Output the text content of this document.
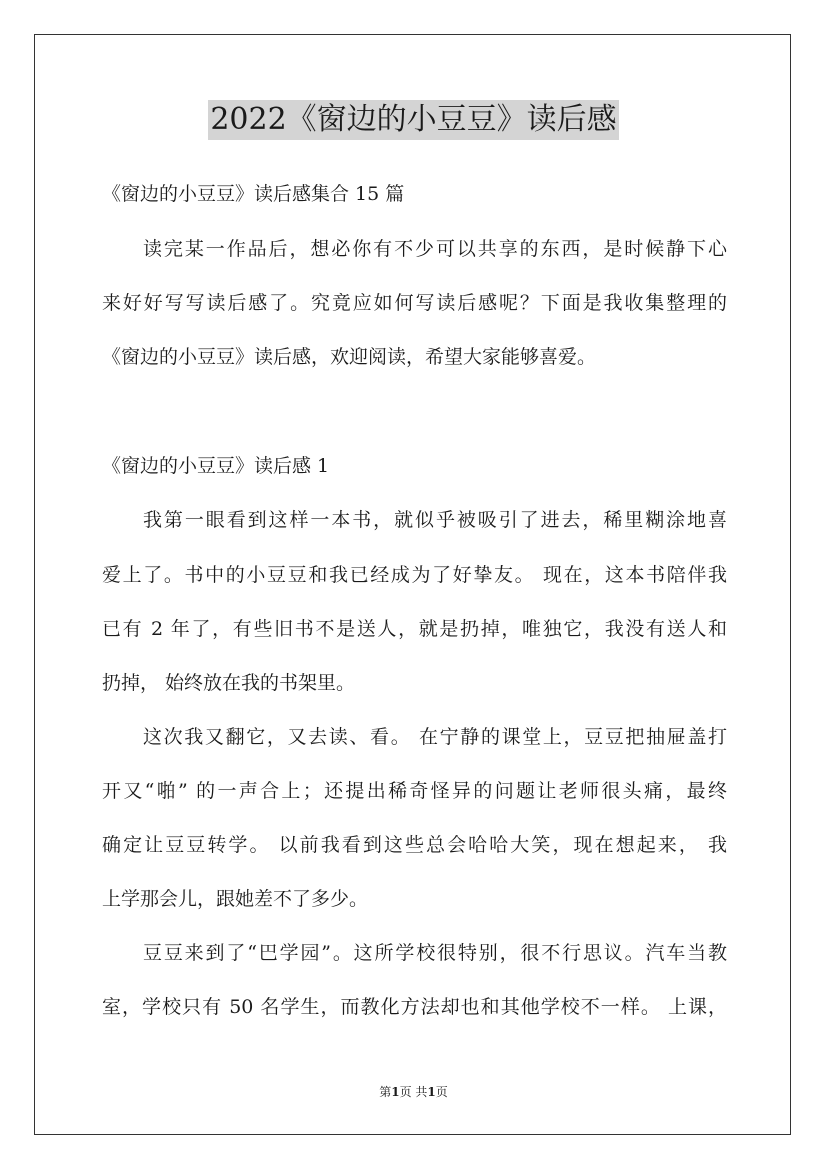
2022《窗边的小豆豆》读后感
《窗边的小豆豆》读后感集合 15 篇
读完某一作品后，想必你有不少可以共享的东西，是时候静下心
来好好写写读后感了。究竟应如何写读后感呢？下面是我收集整理的
《窗边的小豆豆》读后感，欢迎阅读，希望大家能够喜爱。
《窗边的小豆豆》读后感 1
我第一眼看到这样一本书，就似乎被吸引了进去，稀里糊涂地喜
爱上了。书中的小豆豆和我已经成为了好挚友。 现在，这本书陪伴我
已有 2 年了，有些旧书不是送人，就是扔掉，唯独它，我没有送人和
扔掉， 始终放在我的书架里。
这次我又翻它，又去读、看。 在宁静的课堂上，豆豆把抽屉盖打
开又“啪” 的一声合上；还提出稀奇怪异的问题让老师很头痛，最终
确定让豆豆转学。 以前我看到这些总会哈哈大笑，现在想起来， 我
上学那会儿，跟她差不了多少。
豆豆来到了“巴学园”。这所学校很特别，很不行思议。汽车当教
室，学校只有 50 名学生，而教化方法却也和其他学校不一样。 上课，
第1页 共1页
